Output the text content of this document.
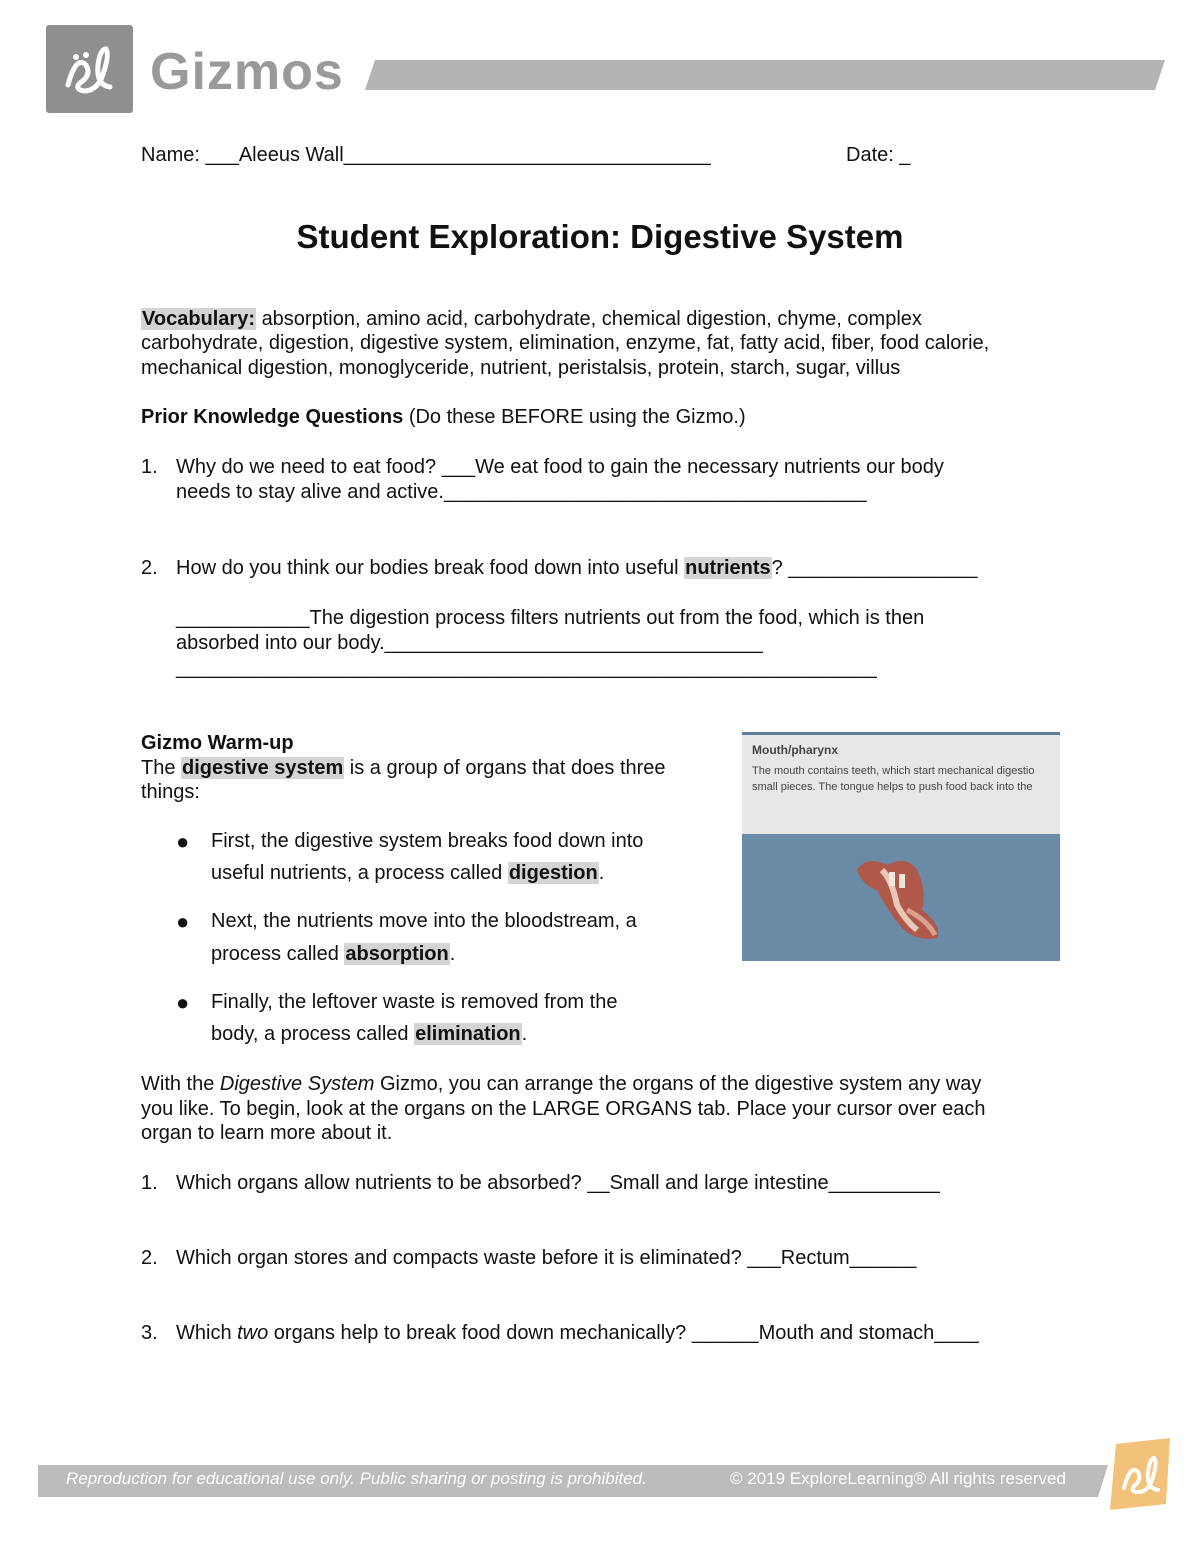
Gizmos
Name: ___Aleeus Wall_________________________________	Date: _
Student Exploration: Digestive System
Vocabulary: absorption, amino acid, carbohydrate, chemical digestion, chyme, complex
carbohydrate, digestion, digestive system, elimination, enzyme, fat, fatty acid, fiber, food calorie,
mechanical digestion, monoglyceride, nutrient, peristalsis, protein, starch, sugar, villus
Prior Knowledge Questions (Do these BEFORE using the Gizmo.)
1. Why do we need to eat food? ___We eat food to gain the necessary nutrients our body
needs to stay alive and active.______________________________________
2. How do you think our bodies break food down into useful nutrients? _________________
____________The digestion process filters nutrients out from the food, which is then
absorbed into our body.__________________________________
_______________________________________________________________
Gizmo Warm-up
The digestive system is a group of organs that does three
things:
● First, the digestive system breaks food down into
useful nutrients, a process called digestion.
● Next, the nutrients move into the bloodstream, a
process called absorption.
● Finally, the leftover waste is removed from the
body, a process called elimination.
Mouth/pharynx
The mouth contains teeth, which start mechanical digestio
small pieces. The tongue helps to push food back into the
With the Digestive System Gizmo, you can arrange the organs of the digestive system any way
you like. To begin, look at the organs on the LARGE ORGANS tab. Place your cursor over each
organ to learn more about it.
1. Which organs allow nutrients to be absorbed? __Small and large intestine__________
2. Which organ stores and compacts waste before it is eliminated? ___Rectum______
3. Which two organs help to break food down mechanically? ______Mouth and stomach____
Reproduction for educational use only. Public sharing or posting is prohibited.	© 2019 ExploreLearning® All rights reserved
